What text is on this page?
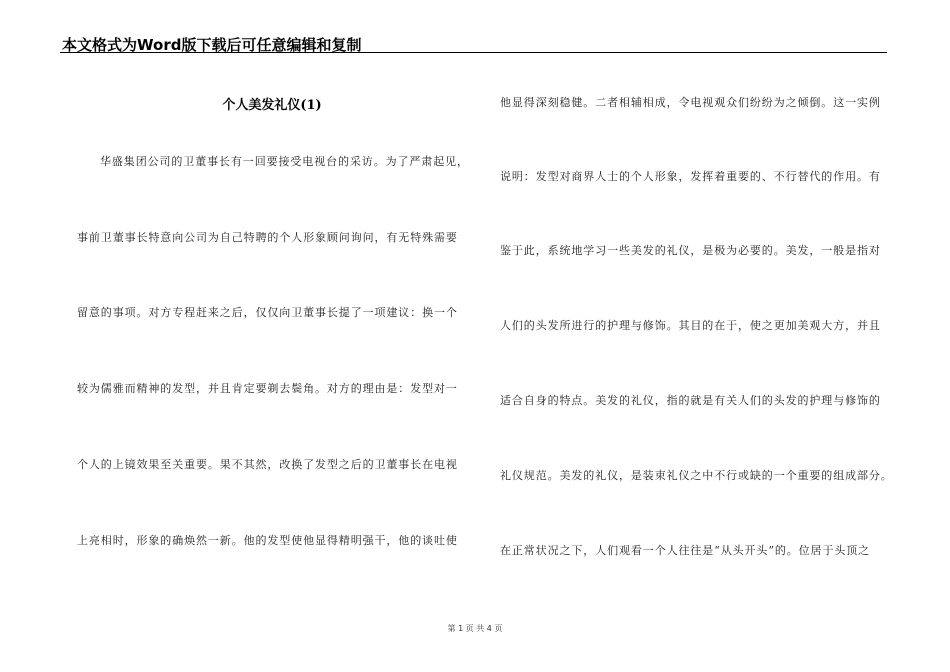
本文格式为Word版下载后可任意编辑和复制
个人美发礼仪(1)
华盛集团公司的卫董事长有一回要接受电视台的采访。为了严肃起见，
事前卫董事长特意向公司为自己特聘的个人形象顾问询问，有无特殊需要
留意的事项。对方专程赶来之后，仅仅向卫董事长提了一项建议：换一个
较为儒雅而精神的发型，并且肯定要剃去鬓角。对方的理由是：发型对一
个人的上镜效果至关重要。果不其然，改换了发型之后的卫董事长在电视
上亮相时，形象的确焕然一新。他的发型使他显得精明强干，他的谈吐使
他显得深刻稳健。二者相辅相成，令电视观众们纷纷为之倾倒。这一实例
说明：发型对商界人士的个人形象，发挥着重要的、不行替代的作用。有
鉴于此，系统地学习一些美发的礼仪，是极为必要的。美发，一般是指对
人们的头发所进行的护理与修饰。其目的在于，使之更加美观大方，并且
适合自身的特点。美发的礼仪，指的就是有关人们的头发的护理与修饰的
礼仪规范。美发的礼仪，是装束礼仪之中不行或缺的一个重要的组成部分。
在正常状况之下，人们观看一个人往往是“从头开头”的。位居于头顶之
第 1 页 共 4 页
